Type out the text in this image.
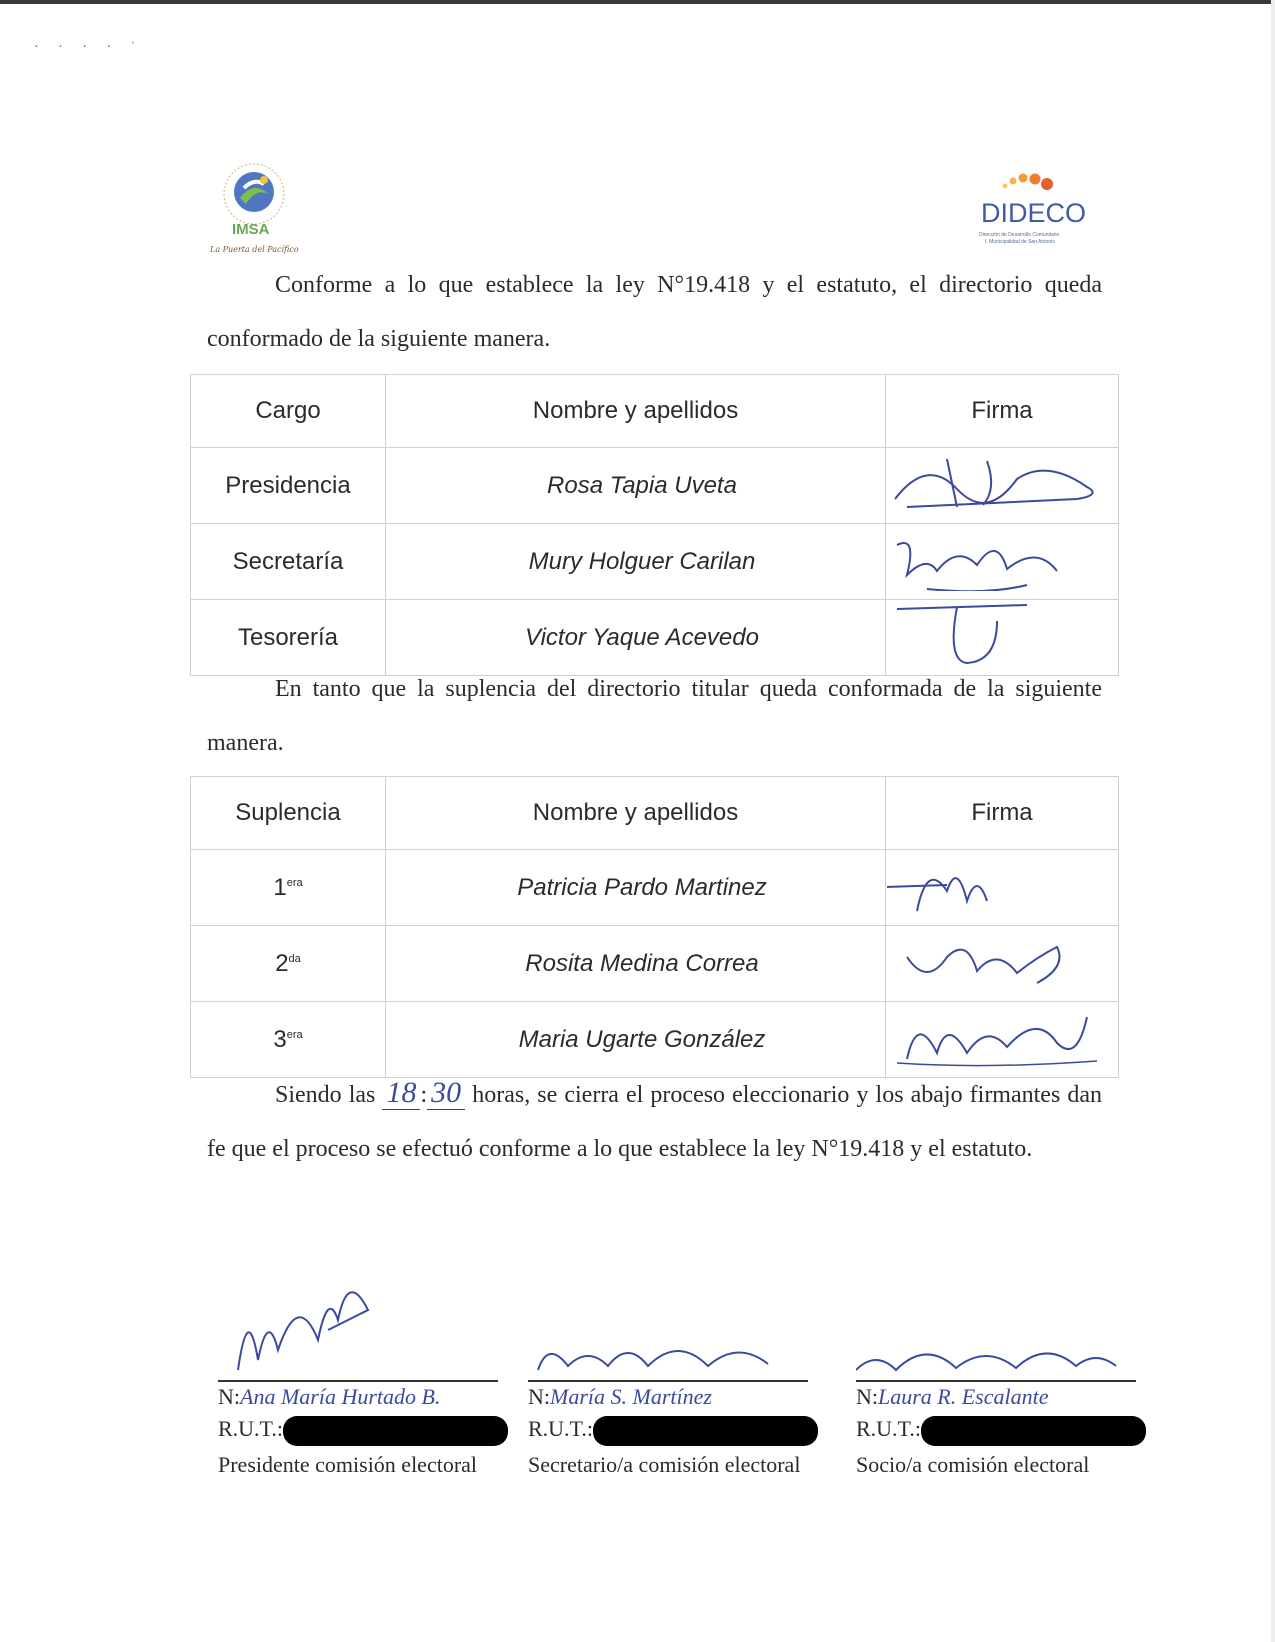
· · · · ˈ
IMSA
La Puerta del Pacífico
DIDECO
Dirección de Desarrollo Comunitario
I. Municipalidad de San Antonio
Conforme a lo que establece la ley N°19.418 y el estatuto, el directorio queda conformado de la siguiente manera.
Cargo	Nombre y apellidos	Firma
Presidencia	Rosa Tapia Uveta	
Secretaría	Mury Holguer Carilan	
Tesorería	Victor Yaque Acevedo	
En tanto que la suplencia del directorio titular queda conformada de la siguiente manera.
Suplencia	Nombre y apellidos	Firma
$1^{era}$	Patricia Pardo Martinez	
$2^{da}$	Rosita Medina Correa	
$3^{era}$	Maria Ugarte González	
Siendo las 18 : 30 horas, se cierra el proceso eleccionario y los abajo firmantes dan fe que el proceso se efectuó conforme a lo que establece la ley N°19.418 y el estatuto.
N:Ana María Hurtado B.
R.U.T.:
Presidente comisión electoral
N:María S. Martínez
R.U.T.:
Secretario/a comisión electoral
N:Laura R. Escalante
R.U.T.:
Socio/a comisión electoral
